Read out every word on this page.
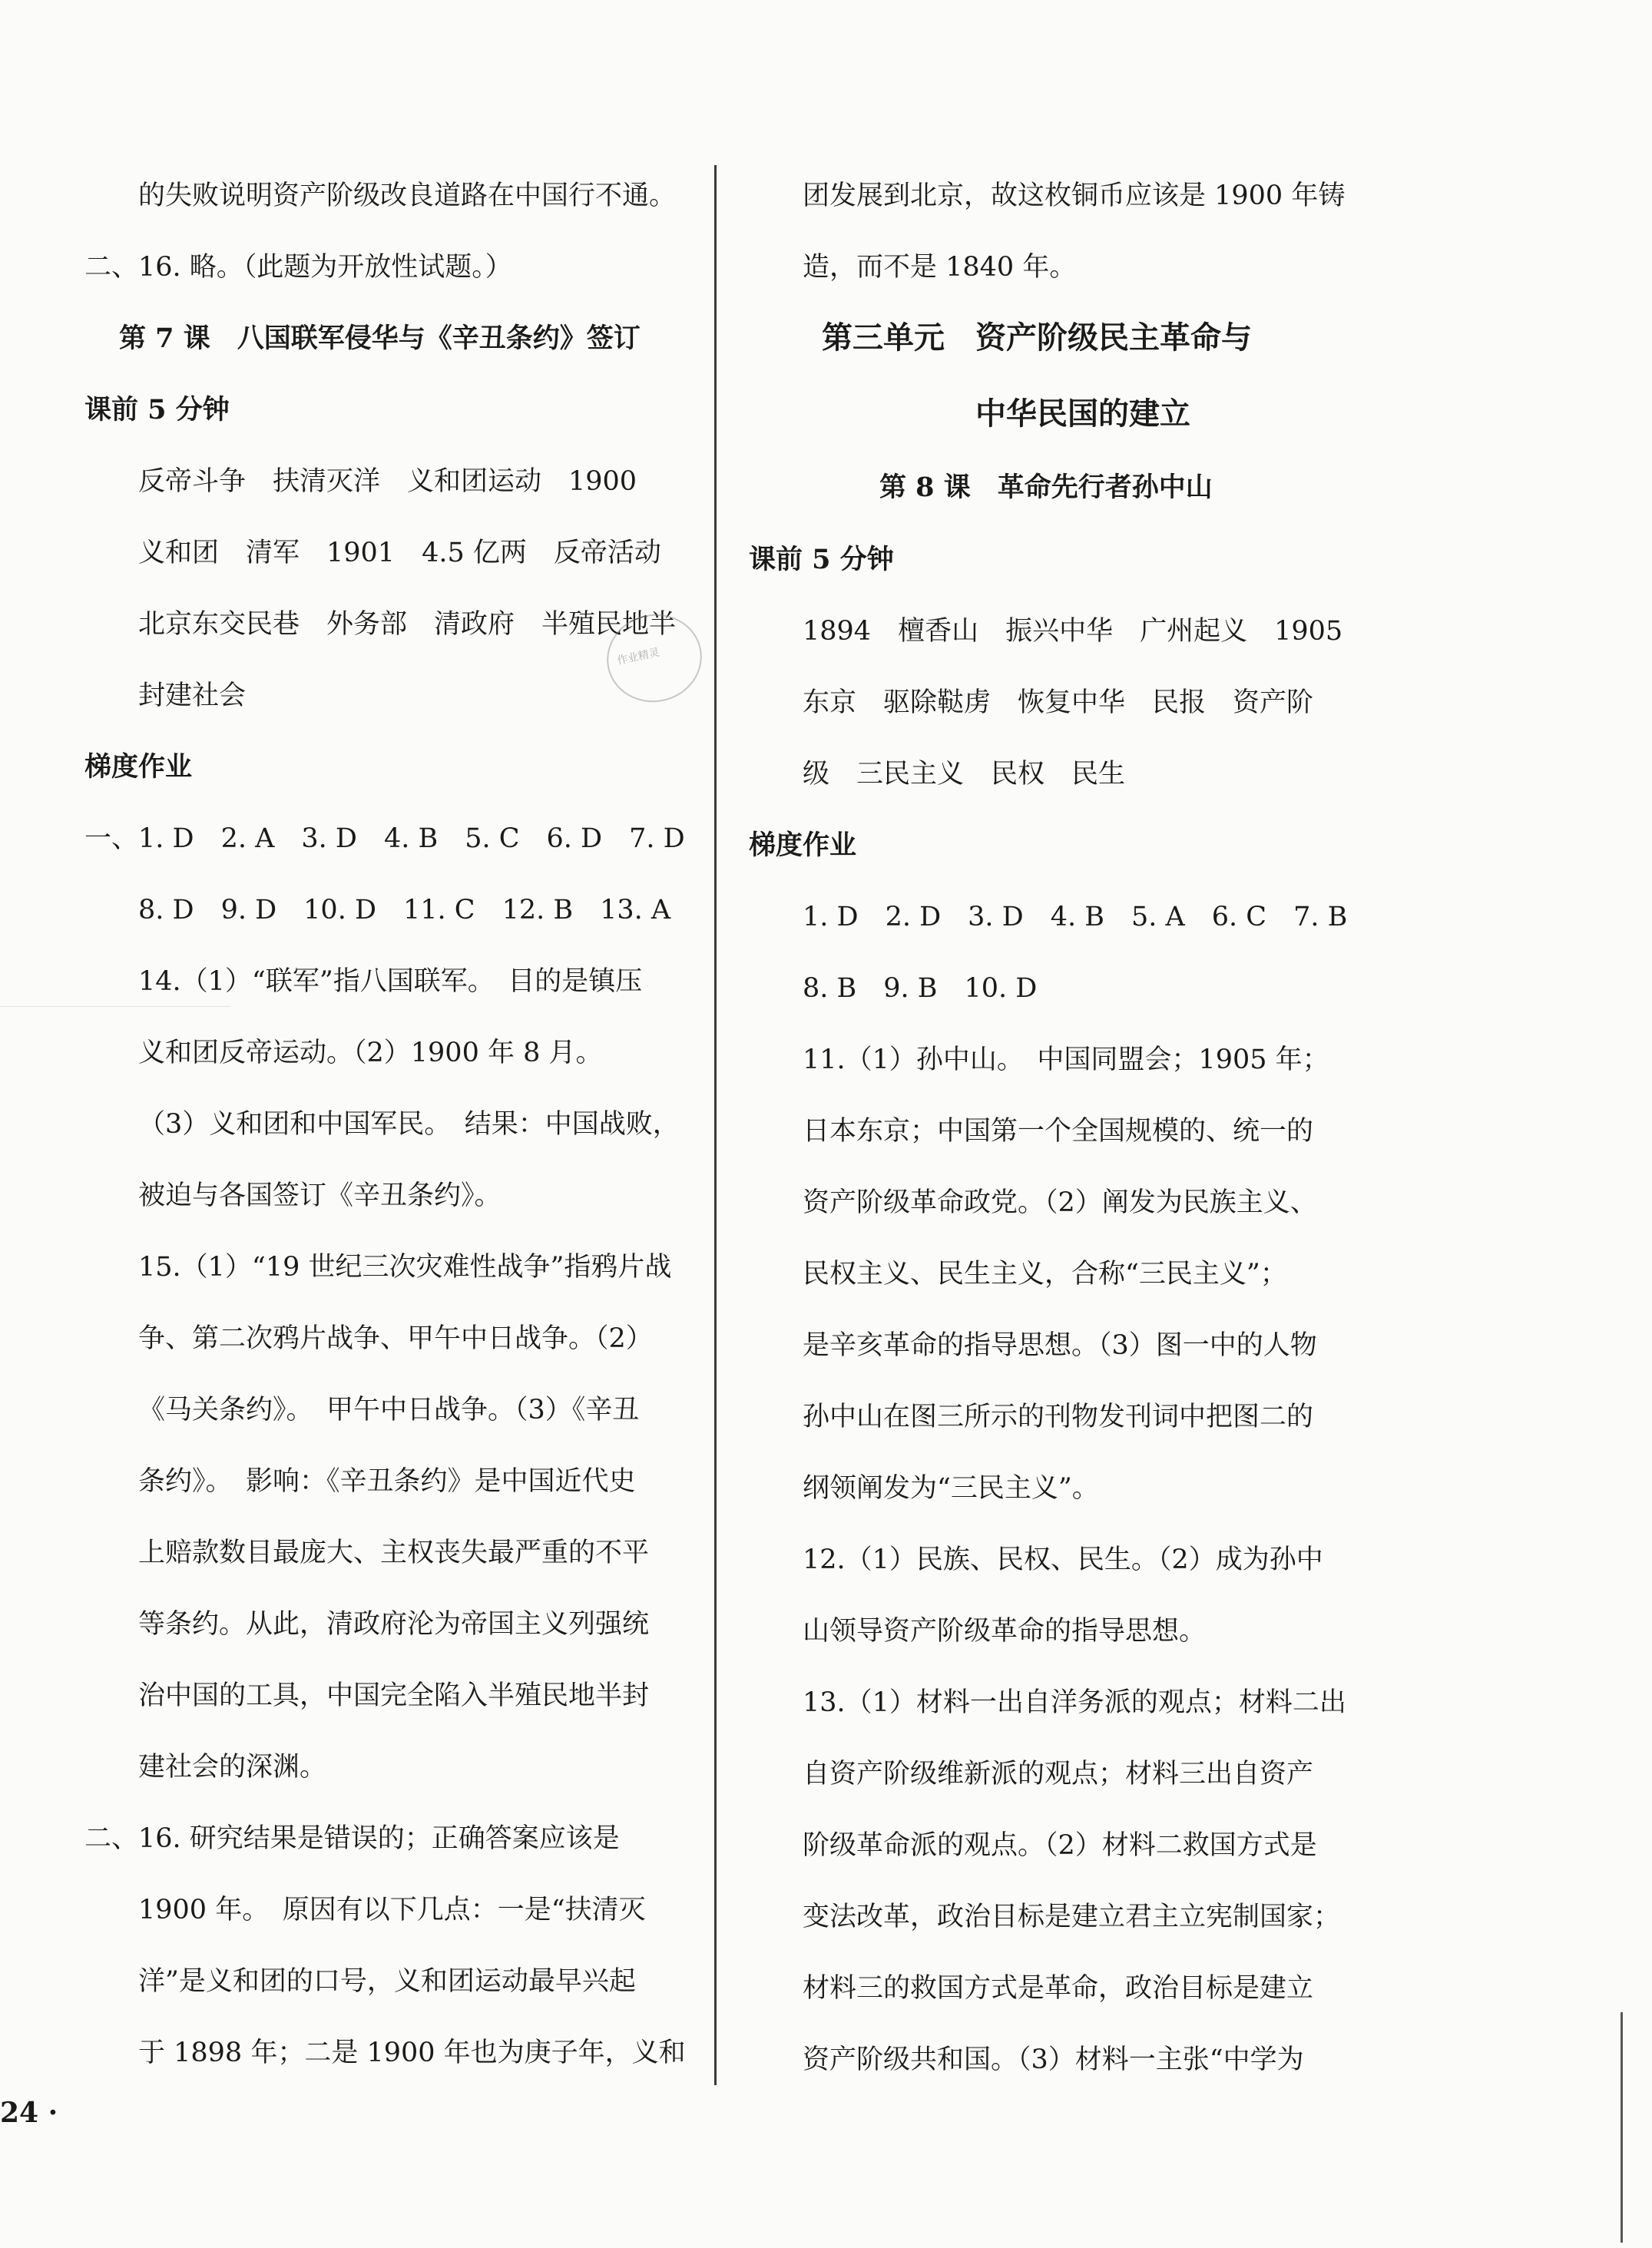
的失败说明资产阶级改良道路在中国行不通。
二、16. 略。（此题为开放性试题。）
第 7 课　八国联军侵华与《辛丑条约》签订
课前 5 分钟
反帝斗争　扶清灭洋　义和团运动　1900
义和团　清军　1901　4.5 亿两　反帝活动
北京东交民巷　外务部　清政府　半殖民地半
封建社会
梯度作业
一、1. D　2. A　3. D　4. B　5. C　6. D　7. D
8. D　9. D　10. D　11. C　12. B　13. A
14.（1）“联军”指八国联军。　目的是镇压
义和团反帝运动。（2）1900 年 8 月。
（3）义和团和中国军民。　结果：中国战败，
被迫与各国签订《辛丑条约》。
15.（1）“19 世纪三次灾难性战争”指鸦片战
争、第二次鸦片战争、甲午中日战争。（2）
《马关条约》。　甲午中日战争。（3）《辛丑
条约》。　影响：《辛丑条约》是中国近代史
上赔款数目最庞大、主权丧失最严重的不平
等条约。从此，清政府沦为帝国主义列强统
治中国的工具，中国完全陷入半殖民地半封
建社会的深渊。
二、16. 研究结果是错误的；正确答案应该是
1900 年。　原因有以下几点：一是“扶清灭
洋”是义和团的口号，义和团运动最早兴起
于 1898 年；二是 1900 年也为庚子年，义和
团发展到北京，故这枚铜币应该是 1900 年铸
造，而不是 1840 年。
第三单元　资产阶级民主革命与
中华民国的建立
第 8 课　革命先行者孙中山
课前 5 分钟
1894　檀香山　振兴中华　广州起义　1905
东京　驱除鞑虏　恢复中华　民报　资产阶
级　三民主义　民权　民生
梯度作业
1. D　2. D　3. D　4. B　5. A　6. C　7. B
8. B　9. B　10. D
11.（1）孙中山。　中国同盟会；1905 年；
日本东京；中国第一个全国规模的、统一的
资产阶级革命政党。（2）阐发为民族主义、
民权主义、民生主义，合称“三民主义”；
是辛亥革命的指导思想。（3）图一中的人物
孙中山在图三所示的刊物发刊词中把图二的
纲领阐发为“三民主义”。
12.（1）民族、民权、民生。（2）成为孙中
山领导资产阶级革命的指导思想。
13.（1）材料一出自洋务派的观点；材料二出
自资产阶级维新派的观点；材料三出自资产
阶级革命派的观点。（2）材料二救国方式是
变法改革，政治目标是建立君主立宪制国家；
材料三的救国方式是革命，政治目标是建立
资产阶级共和国。（3）材料一主张“中学为
作业精灵
24 ·
